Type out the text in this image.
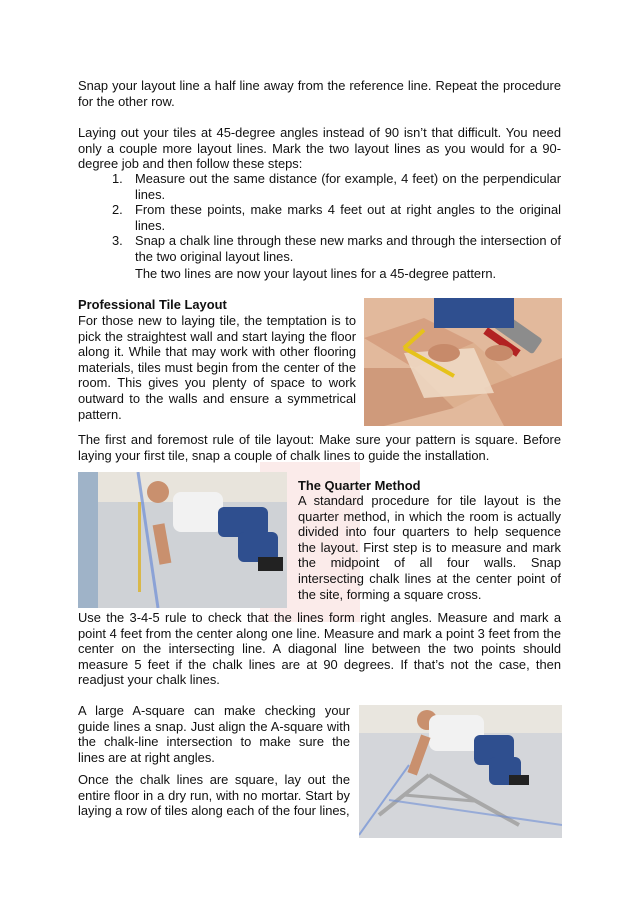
Snap your layout line a half line away from the reference line. Repeat the procedure for the other row.

Laying out your tiles at 45-degree angles instead of 90 isn’t that difficult. You need only a couple more layout lines. Mark the two layout lines as you would for a 90-degree job and then follow these steps:

1. Measure out the same distance (for example, 4 feet) on the perpendicular lines.
2. From these points, make marks 4 feet out at right angles to the original lines.
3. Snap a chalk line through these new marks and through the intersection of the two original layout lines.

The two lines are now your layout lines for a 45-degree pattern.

Professional Tile Layout

For those new to laying tile, the temptation is to pick the straightest wall and start laying the floor along it. While that may work with other flooring materials, tiles must begin from the center of the room. This gives you plenty of space to work outward to the walls and ensure a symmetrical pattern.

The first and foremost rule of tile layout: Make sure your pattern is square. Before laying your first tile, snap a couple of chalk lines to guide the installation.

The Quarter Method

A standard procedure for tile layout is the quarter method, in which the room is actually divided into four quarters to help sequence the layout. First step is to measure and mark the midpoint of all four walls. Snap intersecting chalk lines at the center point of the site, forming a square cross.

Use the 3-4-5 rule to check that the lines form right angles. Measure and mark a point 4 feet from the center along one line. Measure and mark a point 3 feet from the center on the intersecting line. A diagonal line between the two points should measure 5 feet if the chalk lines are at 90 degrees. If that’s not the case, then readjust your chalk lines.

A large A-square can make checking your guide lines a snap. Just align the A-square with the chalk-line intersection to make sure the lines are at right angles.

Once the chalk lines are square, lay out the entire floor in a dry run, with no mortar. Start by laying a row of tiles along each of the four lines,
